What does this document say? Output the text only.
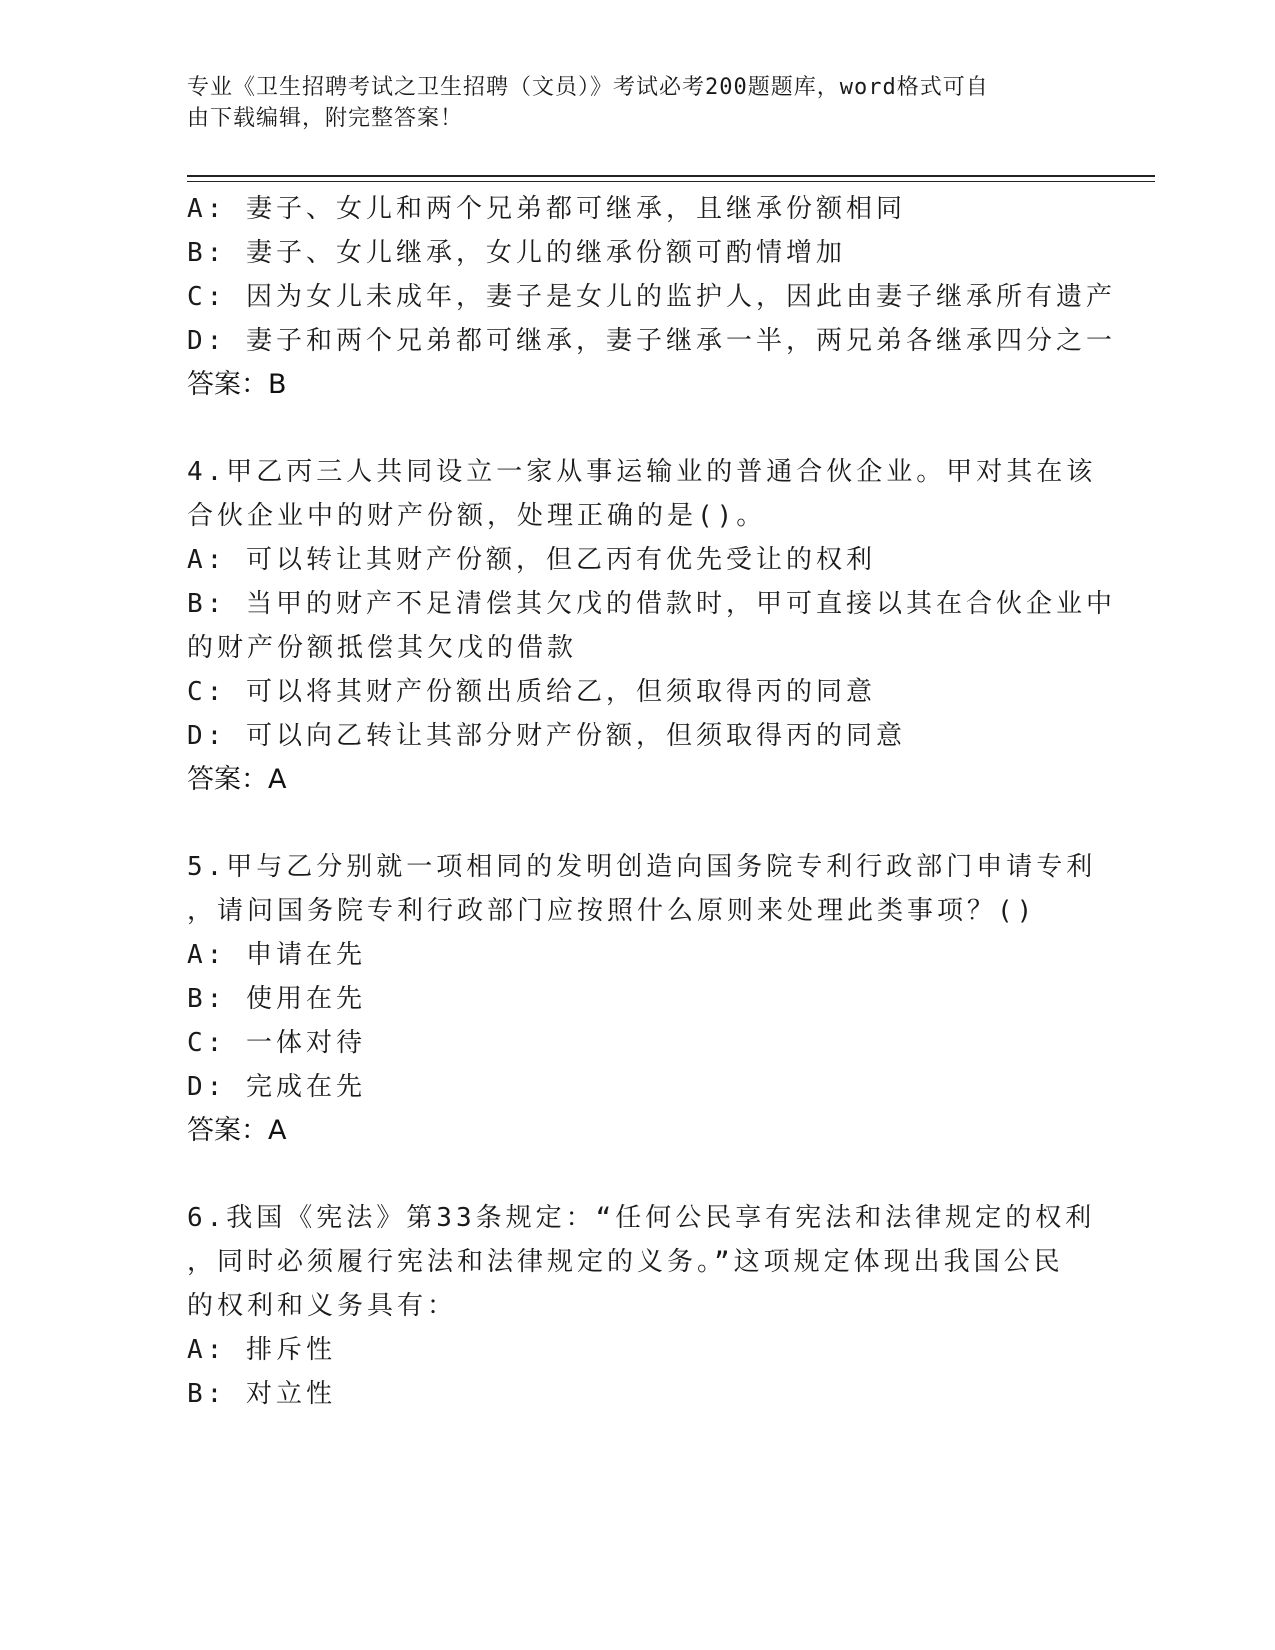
专业《卫生招聘考试之卫生招聘（文员）》考试必考200题题库，word格式可自
由下载编辑，附完整答案！
A: 妻子、女儿和两个兄弟都可继承，且继承份额相同
B: 妻子、女儿继承，女儿的继承份额可酌情增加
C: 因为女儿未成年，妻子是女儿的监护人，因此由妻子继承所有遗产
D: 妻子和两个兄弟都可继承，妻子继承一半，两兄弟各继承四分之一
答案：B
4.甲乙丙三人共同设立一家从事运输业的普通合伙企业。甲对其在该
合伙企业中的财产份额，处理正确的是()。
A: 可以转让其财产份额，但乙丙有优先受让的权利
B: 当甲的财产不足清偿其欠戊的借款时，甲可直接以其在合伙企业中
的财产份额抵偿其欠戊的借款
C: 可以将其财产份额出质给乙，但须取得丙的同意
D: 可以向乙转让其部分财产份额，但须取得丙的同意
答案：A
5.甲与乙分别就一项相同的发明创造向国务院专利行政部门申请专利
，请问国务院专利行政部门应按照什么原则来处理此类事项？()
A: 申请在先
B: 使用在先
C: 一体对待
D: 完成在先
答案：A
6.我国《宪法》第33条规定：“任何公民享有宪法和法律规定的权利
，同时必须履行宪法和法律规定的义务。”这项规定体现出我国公民
的权利和义务具有：
A: 排斥性
B: 对立性
